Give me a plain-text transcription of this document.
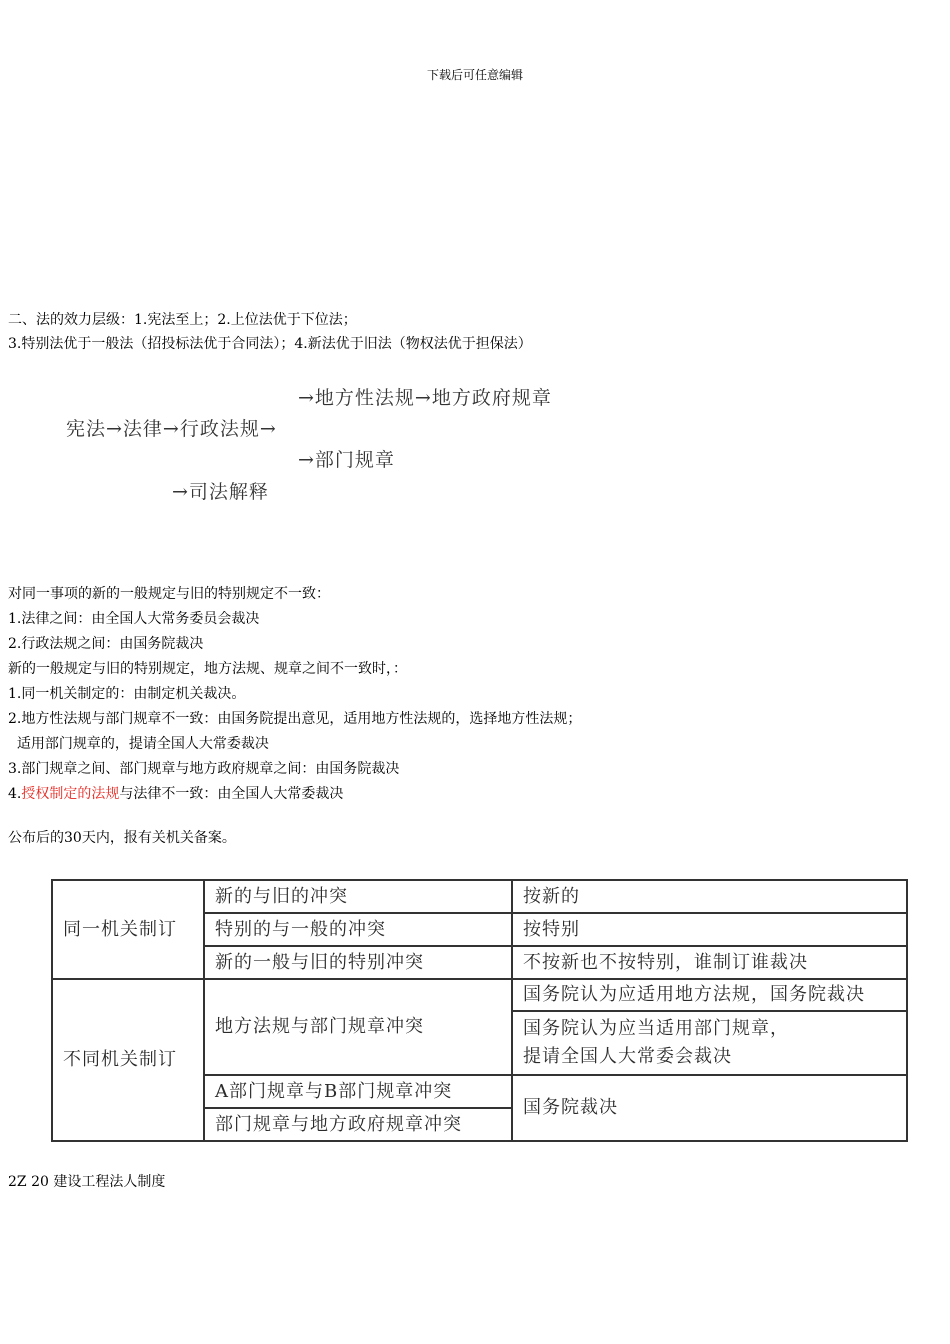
下载后可任意编辑
二、法的效力层级：1.宪法至上；2.上位法优于下位法；
3.特别法优于一般法（招投标法优于合同法）；4.新法优于旧法（物权法优于担保法）
→地方性法规→地方政府规章
宪法→法律→行政法规→
→部门规章
→司法解释
对同一事项的新的一般规定与旧的特别规定不一致：
1.法律之间：由全国人大常务委员会裁决
2.行政法规之间：由国务院裁决
新的一般规定与旧的特别规定，地方法规、规章之间不一致时，：
1.同一机关制定的：由制定机关裁决。
2.地方性法规与部门规章不一致：由国务院提出意见，适用地方性法规的，选择地方性法规；
适用部门规章的，提请全国人大常委裁决
3.部门规章之间、部门规章与地方政府规章之间：由国务院裁决
4.授权制定的法规与法律不一致：由全国人大常委裁决
公布后的30天内，报有关机关备案。
同一机关制订	新的与旧的冲突	按新的
	特别的与一般的冲突	按特别
	新的一般与旧的特别冲突	不按新也不按特别，谁制订谁裁决
不同机关制订	地方法规与部门规章冲突	国务院认为应适用地方法规，国务院裁决

		国务院认为应当适用部门规章，
提请全国人大常委会裁决

	A部门规章与B部门规章冲突	国务院裁决
	部门规章与地方政府规章冲突	
2Z 20 建设工程法人制度
